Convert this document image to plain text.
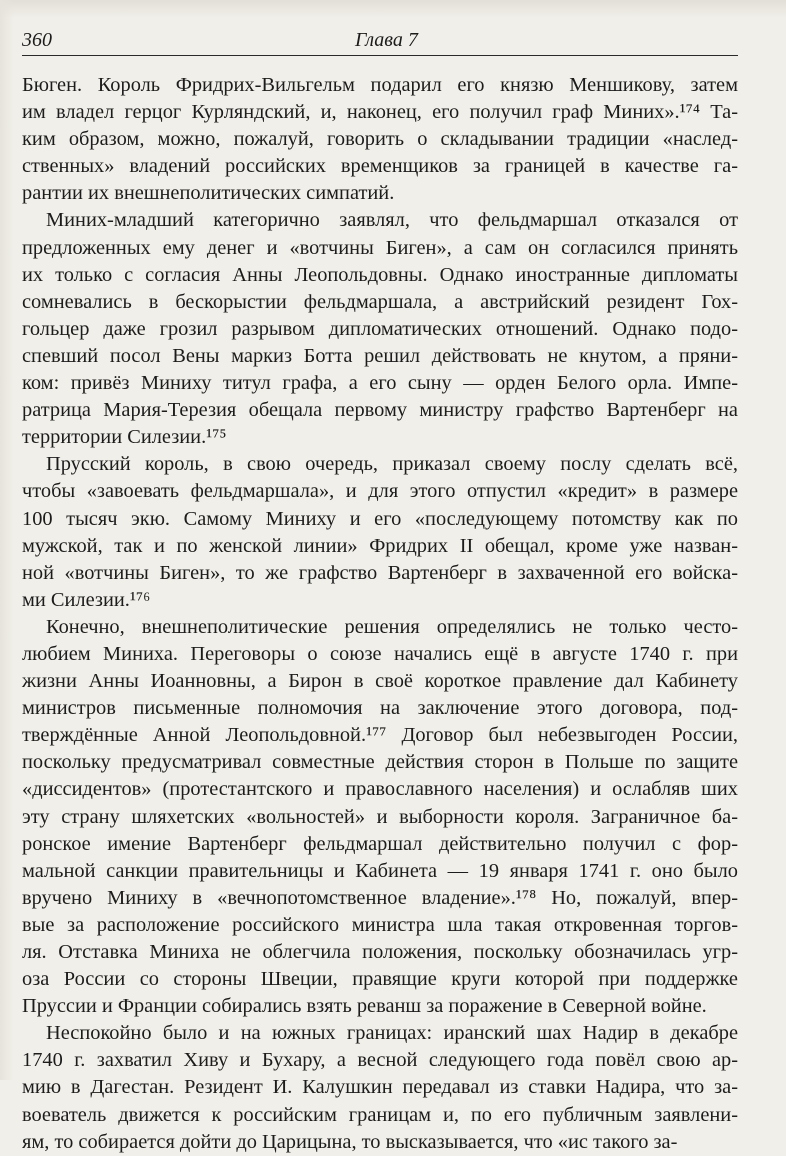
360	Глава 7
Бюген. Король Фридрих-Вильгельм подарил его князю Меншикову, затем
им владел герцог Курляндский, и, наконец, его получил граф Миних».¹⁷⁴ Та-
ким образом, можно, пожалуй, говорить о складывании традиции «наслед-
ственных» владений российских временщиков за границей в качестве га-
рантии их внешнеполитических симпатий.
Миних-младший категорично заявлял, что фельдмаршал отказался от
предложенных ему денег и «вотчины Биген», а сам он согласился принять
их только с согласия Анны Леопольдовны. Однако иностранные дипломаты
сомневались в бескорыстии фельдмаршала, а австрийский резидент Гох-
гольцер даже грозил разрывом дипломатических отношений. Однако подо-
спевший посол Вены маркиз Ботта решил действовать не кнутом, а пряни-
ком: привёз Миниху титул графа, а его сыну — орден Белого орла. Импе-
ратрица Мария-Терезия обещала первому министру графство Вартенберг на
территории Силезии.¹⁷⁵
Прусский король, в свою очередь, приказал своему послу сделать всё,
чтобы «завоевать фельдмаршала», и для этого отпустил «кредит» в размере
100 тысяч экю. Самому Миниху и его «последующему потомству как по
мужской, так и по женской линии» Фридрих II обещал, кроме уже назван-
ной «вотчины Биген», то же графство Вартенберг в захваченной его войска-
ми Силезии.¹⁷⁶
Конечно, внешнеполитические решения определялись не только често-
любием Миниха. Переговоры о союзе начались ещё в августе 1740 г. при
жизни Анны Иоанновны, а Бирон в своё короткое правление дал Кабинету
министров письменные полномочия на заключение этого договора, под-
тверждённые Анной Леопольдовной.¹⁷⁷ Договор был небезвыгоден России,
поскольку предусматривал совместные действия сторон в Польше по защите
«диссидентов» (протестантского и православного населения) и ослабляв ших
эту страну шляхетских «вольностей» и выборности короля. Заграничное ба-
ронское имение Вартенберг фельдмаршал действительно получил с фор-
мальной санкции правительницы и Кабинета — 19 января 1741 г. оно было
вручено Миниху в «вечнопотомственное владение».¹⁷⁸ Но, пожалуй, впер-
вые за расположение российского министра шла такая откровенная торгов-
ля. Отставка Миниха не облегчила положения, поскольку обозначилась угр-
оза России со стороны Швеции, правящие круги которой при поддержке
Пруссии и Франции собирались взять реванш за поражение в Северной войне.
Неспокойно было и на южных границах: иранский шах Надир в декабре
1740 г. захватил Хиву и Бухару, а весной следующего года повёл свою ар-
мию в Дагестан. Резидент И. Калушкин передавал из ставки Надира, что за-
воеватель движется к российским границам и, по его публичным заявлени-
ям, то собирается дойти до Царицына, то высказывается, что «ис такого за-
